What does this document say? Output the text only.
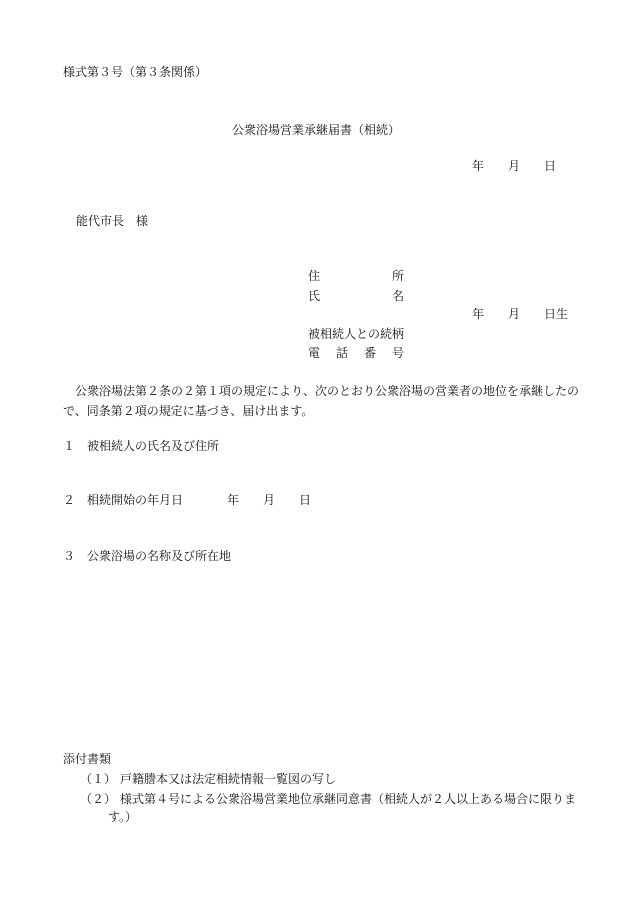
様式第３号（第３条関係）
公衆浴場営業承継届書（相続）
年 月 日
能代市長　様
住所
氏名
被相続人との続柄
電話番号
年 月 日生
公衆浴場法第２条の２第１項の規定により、次のとおり公衆浴場の営業者の地位を承継したので、同条第２項の規定に基づき、届け出ます。
１ 被相続人の氏名及び住所
２ 相続開始の年月日	年 月 日
３ 公衆浴場の名称及び所在地
添付書類
（１） 戸籍謄本又は法定相続情報一覧図の写し
（２） 様式第４号による公衆浴場営業地位承継同意書（相続人が２人以上ある場合に限りま
す。）
